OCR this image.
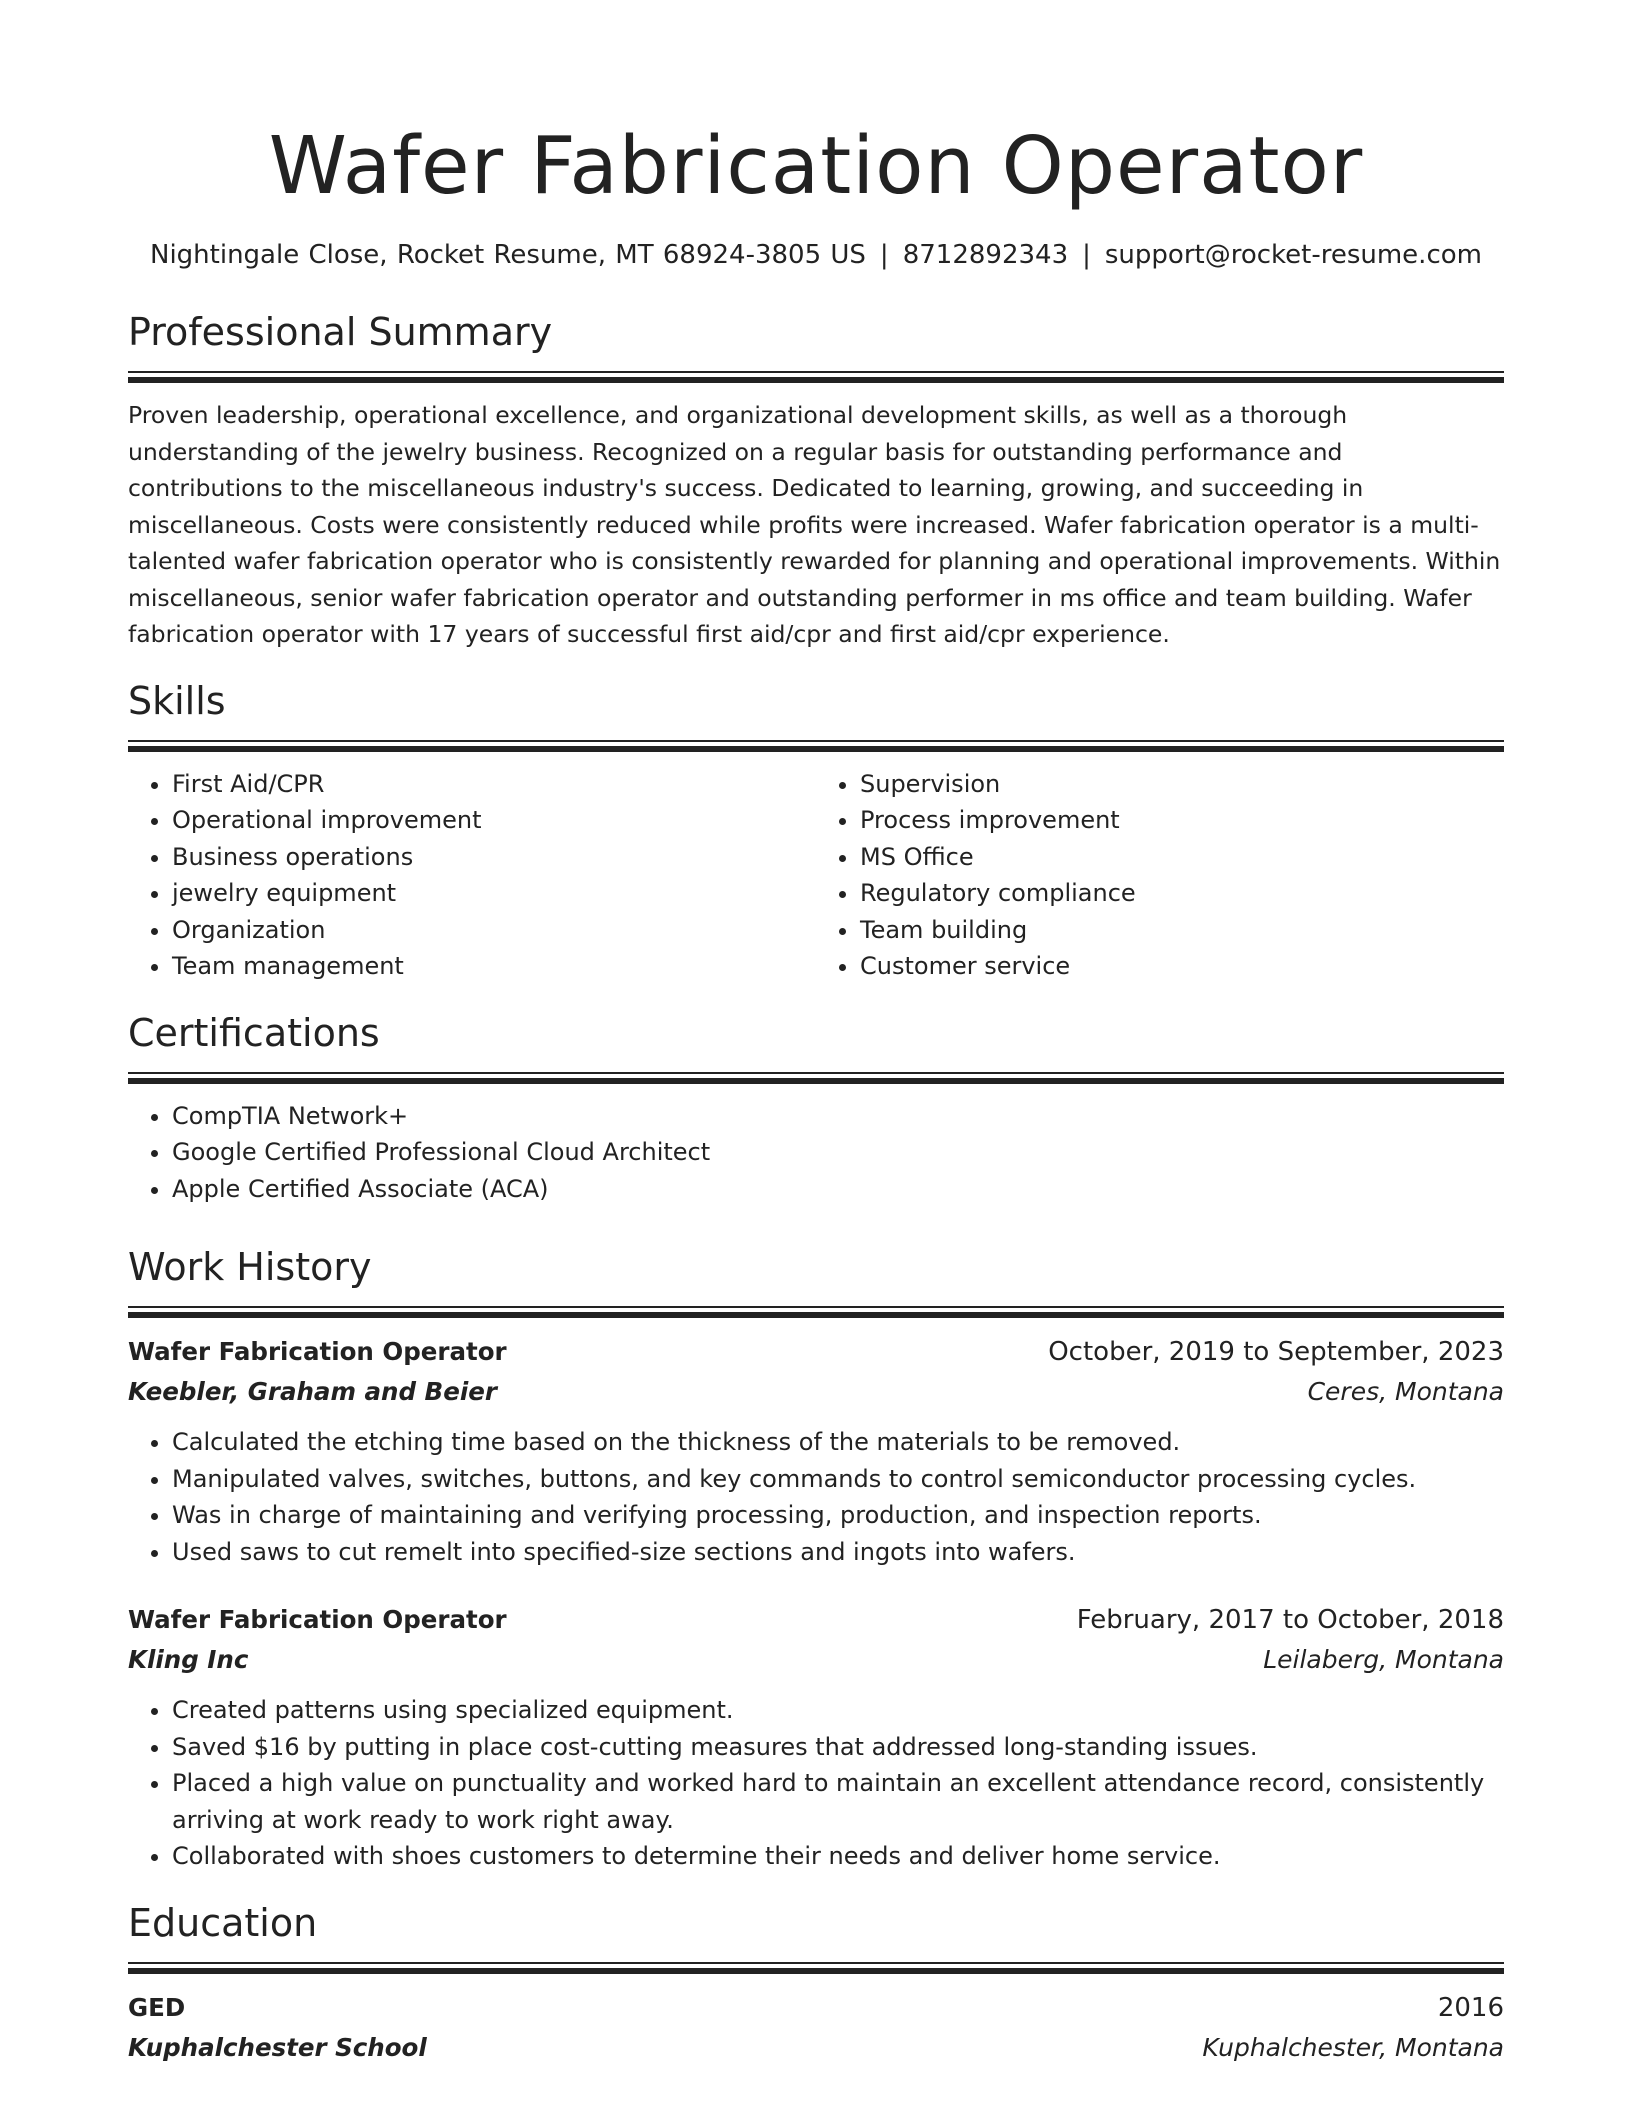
Wafer Fabrication Operator
Nightingale Close, Rocket Resume, MT 68924-3805 US | 8712892343 | support@rocket-resume.com
Professional Summary

Proven leadership, operational excellence, and organizational development skills, as well as a thorough understanding of the jewelry business. Recognized on a regular basis for outstanding performance and contributions to the miscellaneous industry's success. Dedicated to learning, growing, and succeeding in miscellaneous. Costs were consistently reduced while profits were increased. Wafer fabrication operator is a multi-talented wafer fabrication operator who is consistently rewarded for planning and operational improvements. Within miscellaneous, senior wafer fabrication operator and outstanding performer in ms office and team building. Wafer fabrication operator with 17 years of successful first aid/cpr and first aid/cpr experience.

Skills
• First Aid/CPR
• Operational improvement
• Business operations
• jewelry equipment
• Organization
• Team management
• Supervision
• Process improvement
• MS Office
• Regulatory compliance
• Team building
• Customer service
Certifications
• CompTIA Network+
• Google Certified Professional Cloud Architect
• Apple Certified Associate (ACA)
Work History
Wafer Fabrication Operator	October, 2019 to September, 2023
Keebler, Graham and Beier	Ceres, Montana
• Calculated the etching time based on the thickness of the materials to be removed.
• Manipulated valves, switches, buttons, and key commands to control semiconductor processing cycles.
• Was in charge of maintaining and verifying processing, production, and inspection reports.
• Used saws to cut remelt into specified-size sections and ingots into wafers.
Wafer Fabrication Operator	February, 2017 to October, 2018
Kling Inc	Leilaberg, Montana
• Created patterns using specialized equipment.
• Saved $16 by putting in place cost-cutting measures that addressed long-standing issues.
• Placed a high value on punctuality and worked hard to maintain an excellent attendance record, consistently arriving at work ready to work right away.
• Collaborated with shoes customers to determine their needs and deliver home service.
Education
GED	2016
Kuphalchester School	Kuphalchester, Montana
